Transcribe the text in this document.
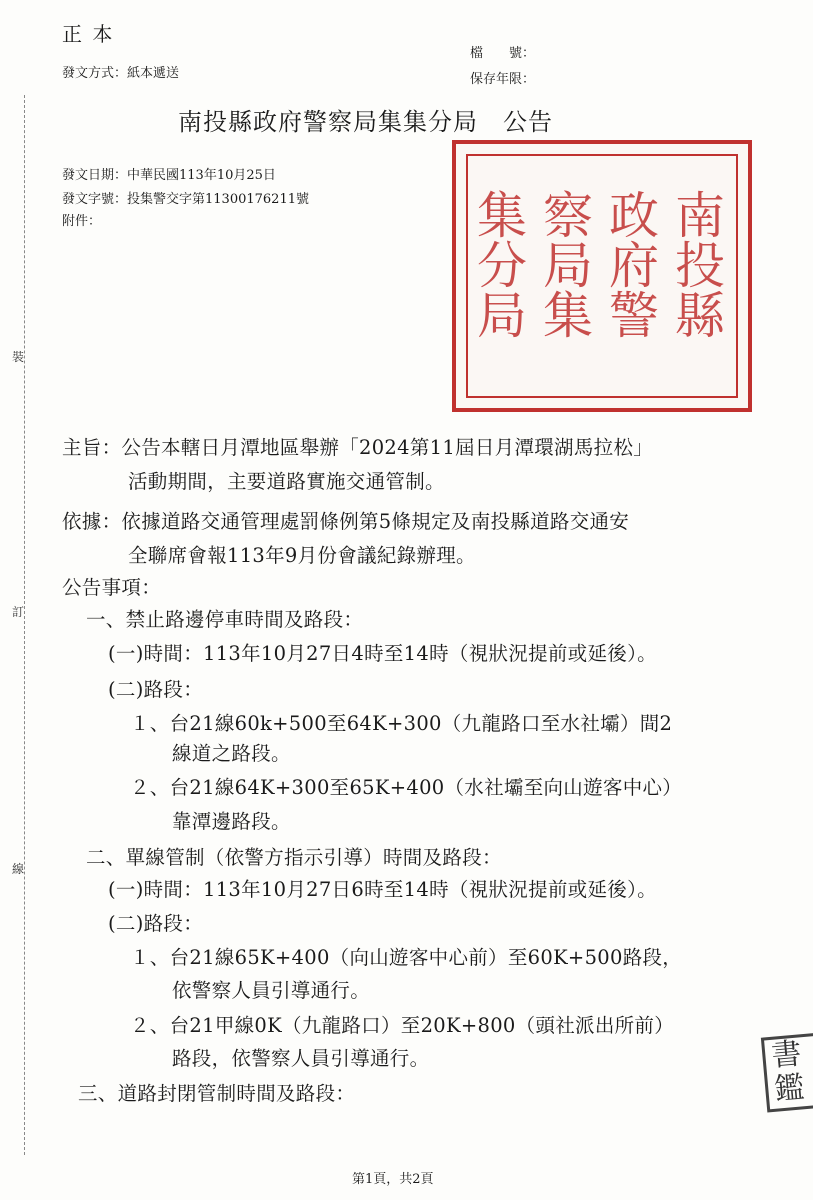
裝
訂
線
正 本
發文方式：紙本遞送
檔　　號：
保存年限：
南投縣政府警察局集集分局　公告
發文日期：中華民國113年10月25日
發文字號：投集警交字第11300176211號
附件：	南投縣
政府警
察局集
集分局
主旨：公告本轄日月潭地區舉辦「2024第11屆日月潭環湖馬拉松」
活動期間，主要道路實施交通管制。
依據：依據道路交通管理處罰條例第5條規定及南投縣道路交通安
全聯席會報113年9月份會議紀錄辦理。
公告事項：
一、禁止路邊停車時間及路段：
(一)時間：113年10月27日4時至14時（視狀況提前或延後）。
(二)路段：
１、台21線60k+500至64K+300（九龍路口至水社壩）間2
線道之路段。
２、台21線64K+300至65K+400（水社壩至向山遊客中心）
靠潭邊路段。
二、單線管制（依警方指示引導）時間及路段：
(一)時間：113年10月27日6時至14時（視狀況提前或延後）。
(二)路段：
１、台21線65K+400（向山遊客中心前）至60K+500路段，
依警察人員引導通行。
２、台21甲線0K（九龍路口）至20K+800（頭社派出所前）
路段，依警察人員引導通行。
三、道路封閉管制時間及路段：
書
鑑
第1頁，共2頁
